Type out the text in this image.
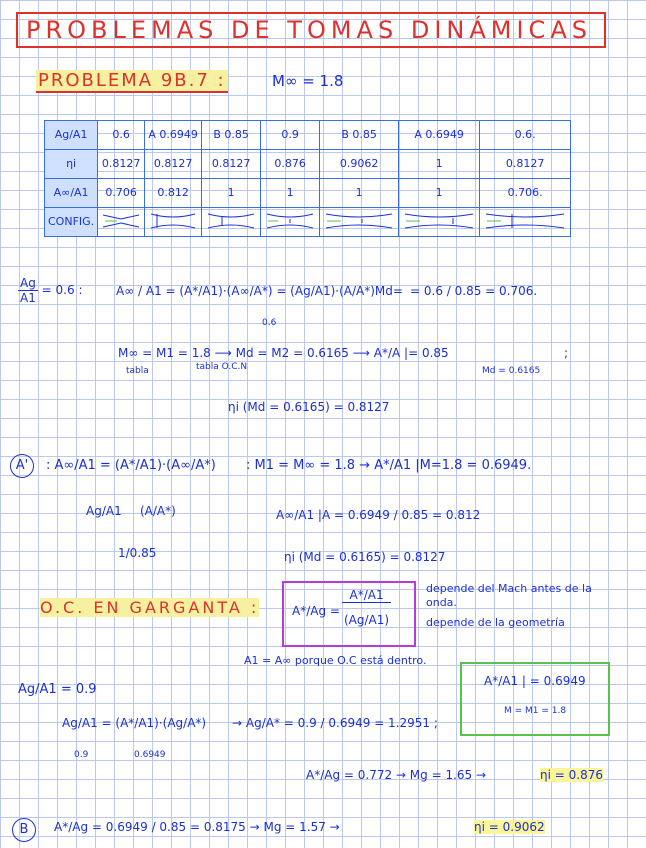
PROBLEMAS DE TOMAS DINÁMICAS
PROBLEMA 9B.7 :	M∞ = 1.8
Ag/A1	0.6	A 0.6949	B 0.85	0.9	B 0.85	A 0.6949	0.6.
ηi	0.8127	0.8127	0.8127	0.876	0.9062	1	0.8127
A∞/A1	0.706	0.812	1	1	1	1	0.706.
CONFIG.							
$\frac{Ag}{A1} = 0.6$ :	A∞ / A1 = (A*/A1)·(A∞/A*) = (Ag/A1)·(A/A*)Md= = 0.6 / 0.85 = 0.706.
0.6
M∞ = M1 = 1.8 ⟶ Md = M2 = 0.6165 ⟶ A*/A |= 0.85
tabla	tabla O.C.N	Md = 0.6165
;
ηi (Md = 0.6165) = 0.8127
A'	: A∞/A1 = (A*/A1)·(A∞/A*) : M1 = M∞ = 1.8 → A*/A1 |M=1.8 = 0.6949.
Ag/A1 (A/A*)
1/0.85
A∞/A1 |A = 0.6949 / 0.85 = 0.812
ηi (Md = 0.6165) = 0.8127
O.C. EN GARGANTA :	$A*/Ag = \frac{A*/A1}{(Ag/A1)}$	depende del Mach antes de la onda.
depende de la geometría
A1 = A∞ porque O.C está dentro.
Ag/A1 = 0.9
Ag/A1 = (A*/A1)·(Ag/A*) → Ag/A* = 0.9 / 0.6949 = 1.2951 ;
0.9	0.6949
A*/A1 | = 0.6949
M = M1 = 1.8
A*/Ag = 0.772 → Mg = 1.65 →	ηi = 0.876
B	A*/Ag = 0.6949 / 0.85 = 0.8175 → Mg = 1.57 →	ηi = 0.9062
